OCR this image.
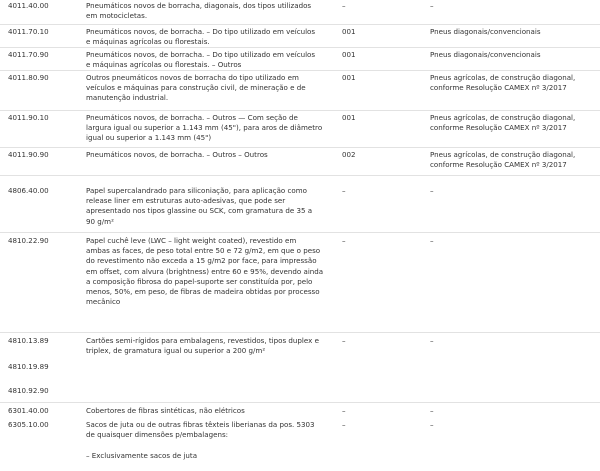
4011.40.00	Pneumáticos novos de borracha, diagonais, dos tipos utilizados
em motocicletas.
–	–
4011.70.10	Pneumáticos novos, de borracha. – Do tipo utilizado em veículos
e máquinas agrícolas ou florestais.
001	Pneus diagonais/convencionais
4011.70.90	Pneumáticos novos, de borracha. – Do tipo utilizado em veículos
e máquinas agrícolas ou florestais. – Outros
001	Pneus diagonais/convencionais
4011.80.90	Outros pneumáticos novos de borracha do tipo utilizado em
veículos e máquinas para construção civil, de mineração e de
manutenção industrial.
001	Pneus agrícolas, de construção diagonal,
conforme Resolução CAMEX nº 3/2017
4011.90.10	Pneumáticos novos, de borracha. – Outros — Com seção de
largura igual ou superior a 1.143 mm (45"), para aros de diâmetro
igual ou superior a 1.143 mm (45")
001	Pneus agrícolas, de construção diagonal,
conforme Resolução CAMEX nº 3/2017
4011.90.90	Pneumáticos novos, de borracha. – Outros – Outros	002	Pneus agrícolas, de construção diagonal,
conforme Resolução CAMEX nº 3/2017
4806.40.00	Papel supercalandrado para siliconiação, para aplicação como
release liner em estruturas auto-adesivas, que pode ser
apresentado nos tipos glassine ou SCK, com gramatura de 35 a
90 g/m²
–	–
4810.22.90	Papel cuchê leve (LWC – light weight coated), revestido em
ambas as faces, de peso total entre 50 e 72 g/m2, em que o peso
do revestimento não exceda a 15 g/m2 por face, para impressão
em offset, com alvura (brightness) entre 60 e 95%, devendo ainda
a composição fibrosa do papel-suporte ser constituída por, pelo
menos, 50%, em peso, de fibras de madeira obtidas por processo
mecânico
–	–
4810.13.89	Cartões semi-rígidos para embalagens, revestidos, tipos duplex e
triplex, de gramatura igual ou superior a 200 g/m²
–	–
4810.19.89
4810.92.90
6301.40.00	Cobertores de fibras sintéticas, não elétricos	–	–
6305.10.00	Sacos de juta ou de outras fibras têxteis liberianas da pos. 5303
de quaisquer dimensões p/embalagens:

– Exclusivamente sacos de juta
–	–
